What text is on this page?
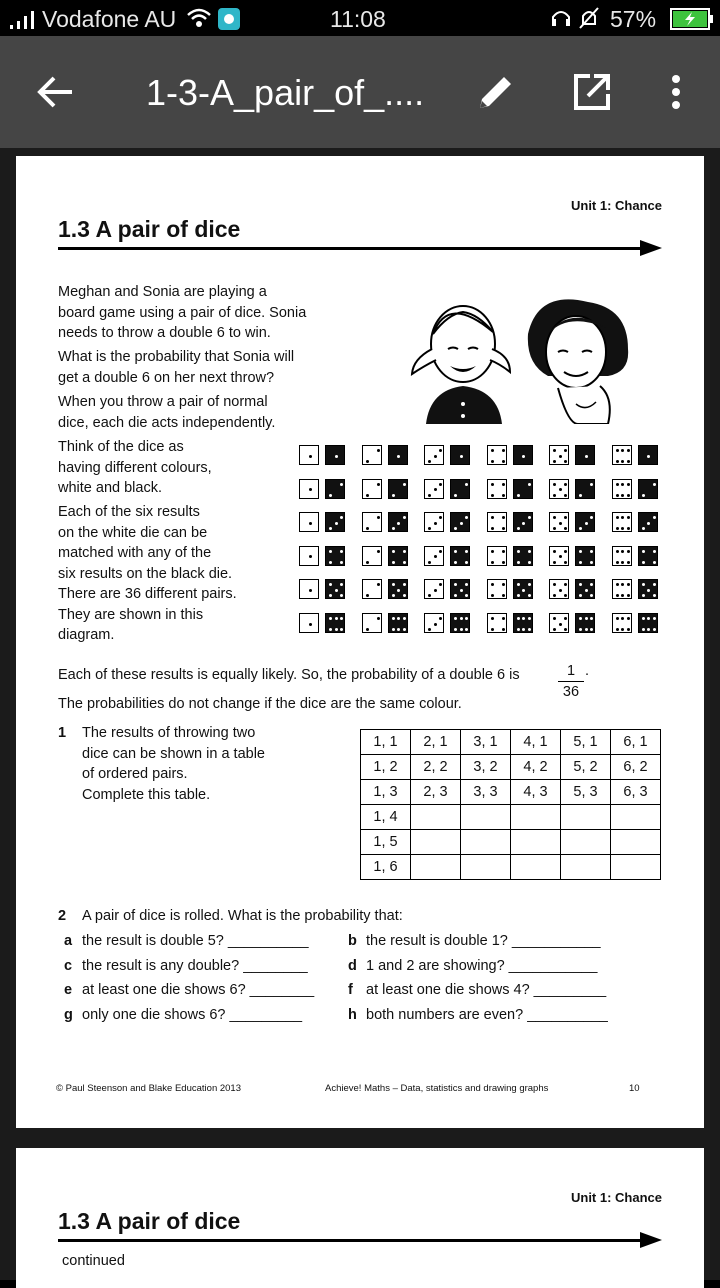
Vodafone AU	11:08	57%
1-3-A_pair_of_....
Unit 1: Chance
1.3 A pair of dice
Meghan and Sonia are playing a
board game using a pair of dice. Sonia
needs to throw a double 6 to win.
What is the probability that Sonia will
get a double 6 on her next throw?
When you throw a pair of normal
dice, each die acts independently.
Think of the dice as
having different colours,
white and black.
Each of the six results
on the white die can be
matched with any of the
six results on the black die.
There are 36 different pairs.
They are shown in this
diagram.
Each of these results is equally likely. So, the probability of a double 6 is	1
36
.
The probabilities do not change if the dice are the same colour.
1 The results of throwing two
dice can be shown in a table
of ordered pairs.
Complete this table.
1, 1	2, 1	3, 1	4, 1	5, 1	6, 1
1, 2	2, 2	3, 2	4, 2	5, 2	6, 2
1, 3	2, 3	3, 3	4, 3	5, 3	6, 3
1, 4					
1, 5					
1, 6					
2 A pair of dice is rolled. What is the probability that:
a the result is double 5? __________	b the result is double 1? ___________
c the result is any double? ________	d 1 and 2 are showing? ___________
e at least one die shows 6? ________ f at least one die shows 4? _________
g only one die shows 6? _________	h both numbers are even? __________
© Paul Steenson and Blake Education 2013	Achieve! Maths – Data, statistics and drawing graphs	10
Unit 1: Chance
1.3 A pair of dice
continued
